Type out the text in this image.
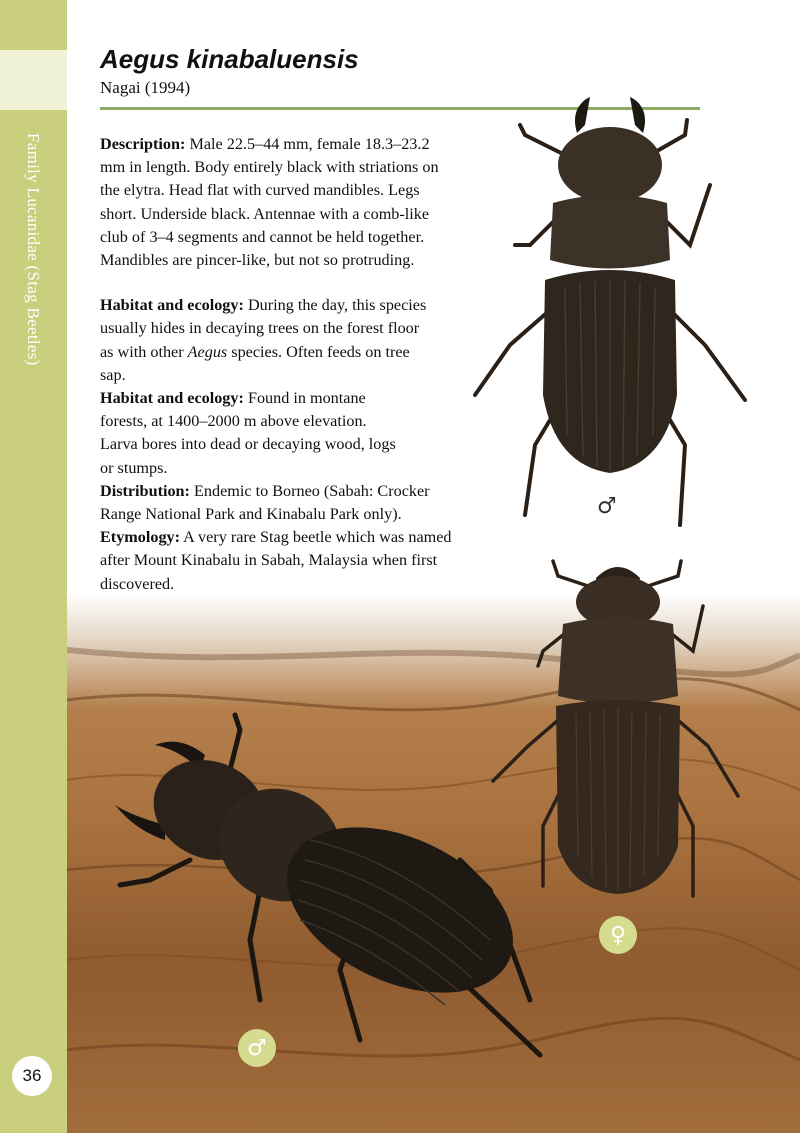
Family Lucanidae (Stag Beetles)
36
Aegus kinabaluensis
Nagai (1994)

Description: Male 22.5–44 mm, female 18.3–23.2
mm in length. Body entirely black with striations on
the elytra. Head flat with curved mandibles. Legs
short. Underside black. Antennae with a comb-like
club of 3–4 segments and cannot be held together.
Mandibles are pincer-like, but not so protruding.

Habitat and ecology: During the day, this species
usually hides in decaying trees on the forest floor
as with other Aegus species. Often feeds on tree
sap.

Habitat and ecology: Found in montane
forests, at 1400–2000 m above elevation.
Larva bores into dead or decaying wood, logs
or stumps.

Distribution: Endemic to Borneo (Sabah: Crocker
Range National Park and Kinabalu Park only).

Etymology: A very rare Stag beetle which was named
after Mount Kinabalu in Sabah, Malaysia when first
discovered.

♂
♀
♂
